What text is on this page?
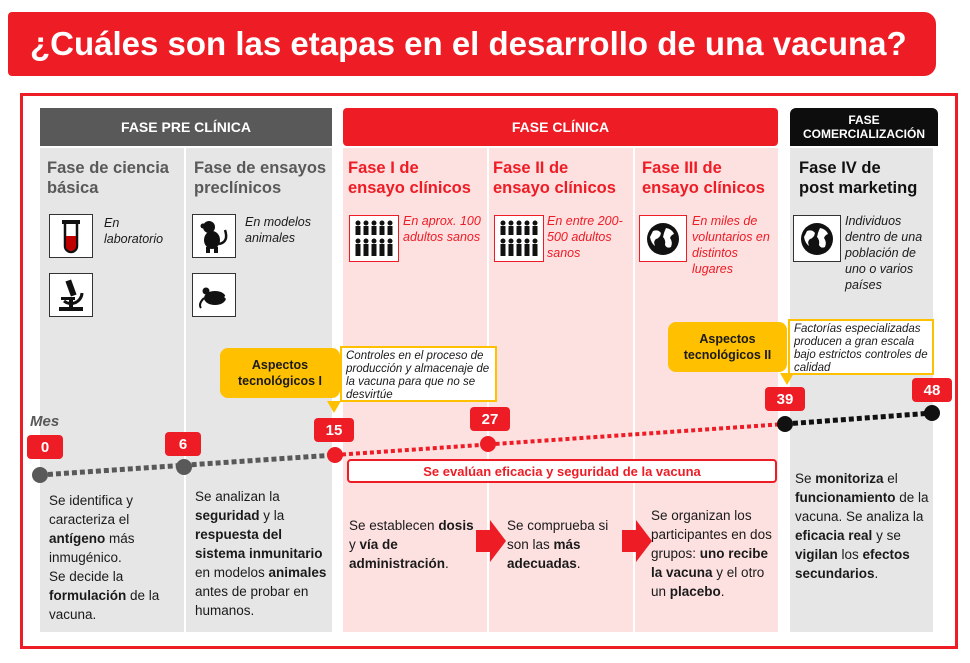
¿Cuáles son las etapas en el desarrollo de una vacuna?
FASE PRE CLÍNICA	FASE CLÍNICA	FASE
COMERCIALIZACIÓN
Fase de ciencia
básica
Fase de ensayos
preclínicos
Fase I de
ensayo clínicos
Fase II de
ensayo clínicos
Fase III de
ensayo clínicos
Fase IV de
post marketing
En laboratorio
En modelos animales
En aprox. 100 adultos sanos
En entre 200-500 adultos sanos
En miles de voluntarios en distintos lugares
Individuos dentro de una población de uno o varios países
Aspectos tecnológicos I
Controles en el proceso de producción y almacenaje de la vacuna para que no se desvirtúe
Aspectos tecnológicos II
Factorías especializadas producen a gran escala bajo estrictos controles de calidad
Mes
0	6
15
27
39
48
Se evalúan eficacia y seguridad de la vacuna
Se identifica y caracteriza el antígeno más inmugénico.
Se decide la formulación de la vacuna.
Se analizan la seguridad y la respuesta del sistema inmunitario en modelos animales antes de probar en humanos.
Se establecen dosis y vía de administración.
Se comprueba si son las más adecuadas.
Se organizan los participantes en dos grupos: uno recibe la vacuna y el otro un placebo.
Se monitoriza el funcionamiento de la vacuna. Se analiza la eficacia real y se vigilan los efectos secundarios.
